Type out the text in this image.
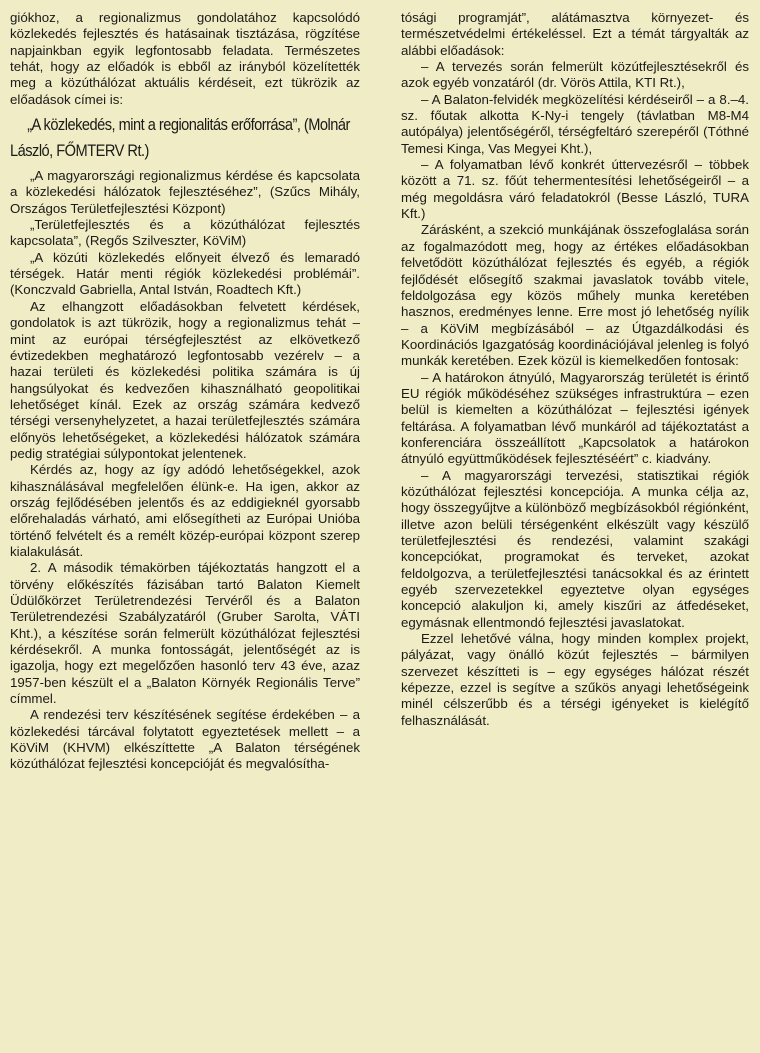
giókhoz, a regionalizmus gondolatához kapcsolódó közlekedés fejlesztés és hatásainak tisztázása, rögzítése napjainkban egyik legfontosabb feladata. Természetes tehát, hogy az előadók is ebből az irányból közelítették meg a közúthálózat aktuális kérdéseit, ezt tükrözik az előadások címei is:

„A közlekedés, mint a regionalitás erőforrása”, (Molnár László, FŐMTERV Rt.)

„A magyarországi regionalizmus kérdése és kapcsolata a közlekedési hálózatok fejlesztéséhez”, (Szűcs Mihály, Országos Területfejlesztési Központ)

„Területfejlesztés és a közúthálózat fejlesztés kapcsolata”, (Regős Szilveszter, KöViM)

„A közúti közlekedés előnyeit élvező és lemaradó térségek. Határ menti régiók közlekedési problémái”. (Konczvald Gabriella, Antal István, Roadtech Kft.)

Az elhangzott előadásokban felvetett kérdések, gondolatok is azt tükrözik, hogy a regionalizmus tehát – mint az európai térségfejlesztést az elkövetkező évtizedekben meghatározó legfontosabb vezérelv – a hazai területi és közlekedési politika számára is új hangsúlyokat és kedvezően kihasználható geopolitikai lehetőséget kínál. Ezek az ország számára kedvező térségi versenyhelyzetet, a hazai területfejlesztés számára előnyös lehetőségeket, a közlekedési hálózatok számára pedig stratégiai súlypontokat jelentenek.

Kérdés az, hogy az így adódó lehetőségekkel, azok kihasználásával megfelelően élünk-e. Ha igen, akkor az ország fejlődésében jelentős és az eddigieknél gyorsabb előrehaladás várható, ami elősegítheti az Európai Unióba történő felvételt és a remélt közép-európai központ szerep kialakulását.

2. A második témakörben tájékoztatás hangzott el a törvény előkészítés fázisában tartó Balaton Kiemelt Üdülőkörzet Területrendezési Tervéről és a Balaton Területrendezési Szabályzatáról (Gruber Sarolta, VÁTI Kht.), a készítése során felmerült közúthálózat fejlesztési kérdésekről. A munka fontosságát, jelentőségét az is igazolja, hogy ezt megelőzően hasonló terv 43 éve, azaz 1957-ben készült el a „Balaton Környék Regionális Terve” címmel.

A rendezési terv készítésének segítése érdekében – a közlekedési tárcával folytatott egyeztetések mellett – a KöViM (KHVM) elkészíttette „A Balaton térségének közúthálózat fejlesztési koncepcióját és megvalósítha-

tósági programját”, alátámasztva környezet- és természetvédelmi értékeléssel. Ezt a témát tárgyalták az alábbi előadások:

– A tervezés során felmerült közútfejlesztésekről és azok egyéb vonzatáról (dr. Vörös Attila, KTI Rt.),

– A Balaton-felvidék megközelítési kérdéseiről – a 8.–4. sz. főutak alkotta K-Ny-i tengely (távlatban M8-M4 autópálya) jelentőségéről, térségfeltáró szerepéről (Tóthné Temesi Kinga, Vas Megyei Kht.),

– A folyamatban lévő konkrét úttervezésről – többek között a 71. sz. főút tehermentesítési lehetőségeiről – a még megoldásra váró feladatokról (Besse László, TURA Kft.)

Zárásként, a szekció munkájának összefoglalása során az fogalmazódott meg, hogy az értékes előadásokban felvetődött közúthálózat fejlesztés és egyéb, a régiók fejlődését elősegítő szakmai javaslatok tovább vitele, feldolgozása egy közös műhely munka keretében hasznos, eredményes lenne. Erre most jó lehetőség nyílik – a KöViM megbízásából – az Útgazdálkodási és Koordinációs Igazgatóság koordinációjával jelenleg is folyó munkák keretében. Ezek közül is kiemelkedően fontosak:

– A határokon átnyúló, Magyarország területét is érintő EU régiók működéséhez szükséges infrastruktúra – ezen belül is kiemelten a közúthálózat – fejlesztési igények feltárása. A folyamatban lévő munkáról ad tájékoztatást a konferenciára összeállított „Kapcsolatok a határokon átnyúló együttműködések fejlesztéséért” c. kiadvány.

– A magyarországi tervezési, statisztikai régiók közúthálózat fejlesztési koncepciója. A munka célja az, hogy összegyűjtve a különböző megbízásokból régiónként, illetve azon belüli térségenként elkészült vagy készülő területfejlesztési és rendezési, valamint szakági koncepciókat, programokat és terveket, azokat feldolgozva, a területfejlesztési tanácsokkal és az érintett egyéb szervezetekkel egyeztetve olyan egységes koncepció alakuljon ki, amely kiszűri az átfedéseket, egymásnak ellentmondó fejlesztési javaslatokat.

Ezzel lehetővé válna, hogy minden komplex projekt, pályázat, vagy önálló közút fejlesztés – bármilyen szervezet készítteti is – egy egységes hálózat részét képezze, ezzel is segítve a szűkös anyagi lehetőségeink minél célszerűbb és a térségi igényeket is kielégítő felhasználását.
